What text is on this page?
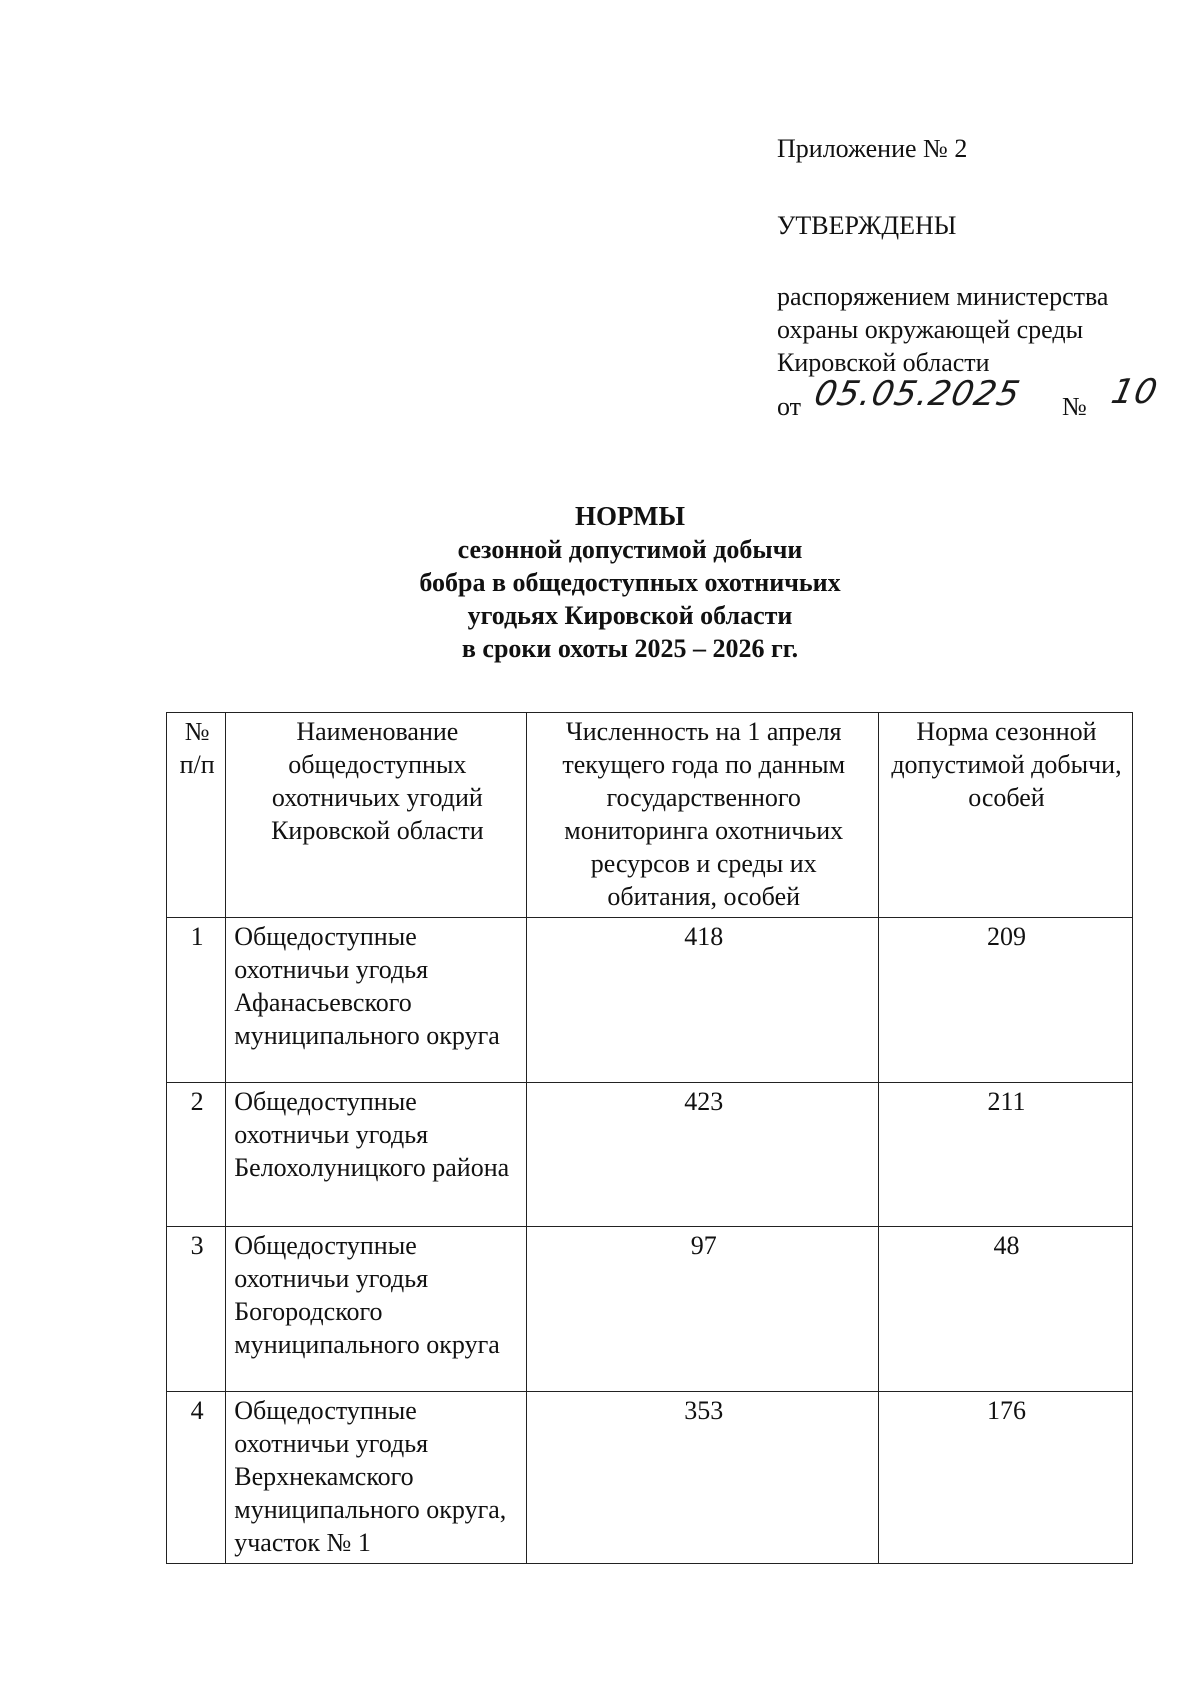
Приложение № 2
УТВЕРЖДЕНЫ
распоряжением министерства
охраны окружающей среды
Кировской области
от 05.05.2025 № 10
НОРМЫ
сезонной допустимой добычи
бобра в общедоступных охотничьих
угодьях Кировской области
в сроки охоты 2025 – 2026 гг.
№ п/п	Наименование общедоступных охотничьих угодий Кировской области	Численность на 1 апреля текущего года по данным государственного мониторинга охотничьих ресурсов и среды их обитания, особей	Норма сезонной допустимой добычи, особей
1	Общедоступные охотничьи угодья Афанасьевского муниципального округа	418	209
2	Общедоступные охотничьи угодья Белохолуницкого района	423	211
3	Общедоступные охотничьи угодья Богородского муниципального округа	97	48
4	Общедоступные охотничьи угодья Верхнекамского муниципального округа, участок № 1	353	176
